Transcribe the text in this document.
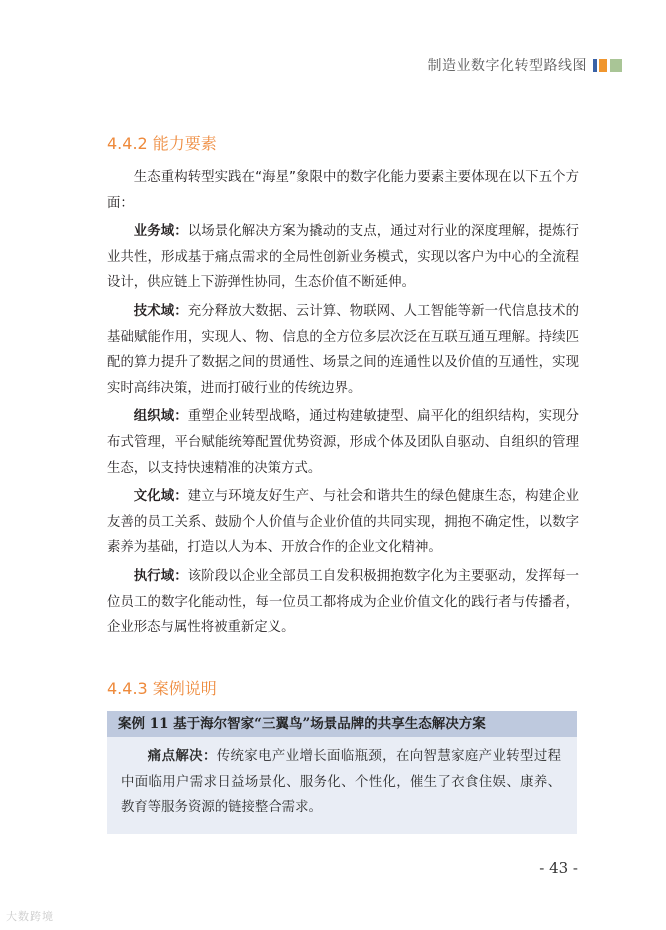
制造业数字化转型路线图
4.4.2 能力要素

生态重构转型实践在“海星”象限中的数字化能力要素主要体现在以下五个方面：

业务域：以场景化解决方案为撬动的支点，通过对行业的深度理解，提炼行业共性，形成基于痛点需求的全局性创新业务模式，实现以客户为中心的全流程设计，供应链上下游弹性协同，生态价值不断延伸。

技术域：充分释放大数据、云计算、物联网、人工智能等新一代信息技术的基础赋能作用，实现人、物、信息的全方位多层次泛在互联互通互理解。持续匹配的算力提升了数据之间的贯通性、场景之间的连通性以及价值的互通性，实现实时高纬决策，进而打破行业的传统边界。

组织域：重塑企业转型战略，通过构建敏捷型、扁平化的组织结构，实现分布式管理，平台赋能统筹配置优势资源，形成个体及团队自驱动、自组织的管理生态，以支持快速精准的决策方式。

文化域：建立与环境友好生产、与社会和谐共生的绿色健康生态，构建企业友善的员工关系、鼓励个人价值与企业价值的共同实现，拥抱不确定性，以数字素养为基础，打造以人为本、开放合作的企业文化精神。

执行域：该阶段以企业全部员工自发积极拥抱数字化为主要驱动，发挥每一位员工的数字化能动性，每一位员工都将成为企业价值文化的践行者与传播者，企业形态与属性将被重新定义。

4.4.3 案例说明
案例 11 基于海尔智家“三翼鸟”场景品牌的共享生态解决方案

痛点解决：传统家电产业增长面临瓶颈，在向智慧家庭产业转型过程中面临用户需求日益场景化、服务化、个性化，催生了衣食住娱、康养、教育等服务资源的链接整合需求。

- 43 -
大数跨境
